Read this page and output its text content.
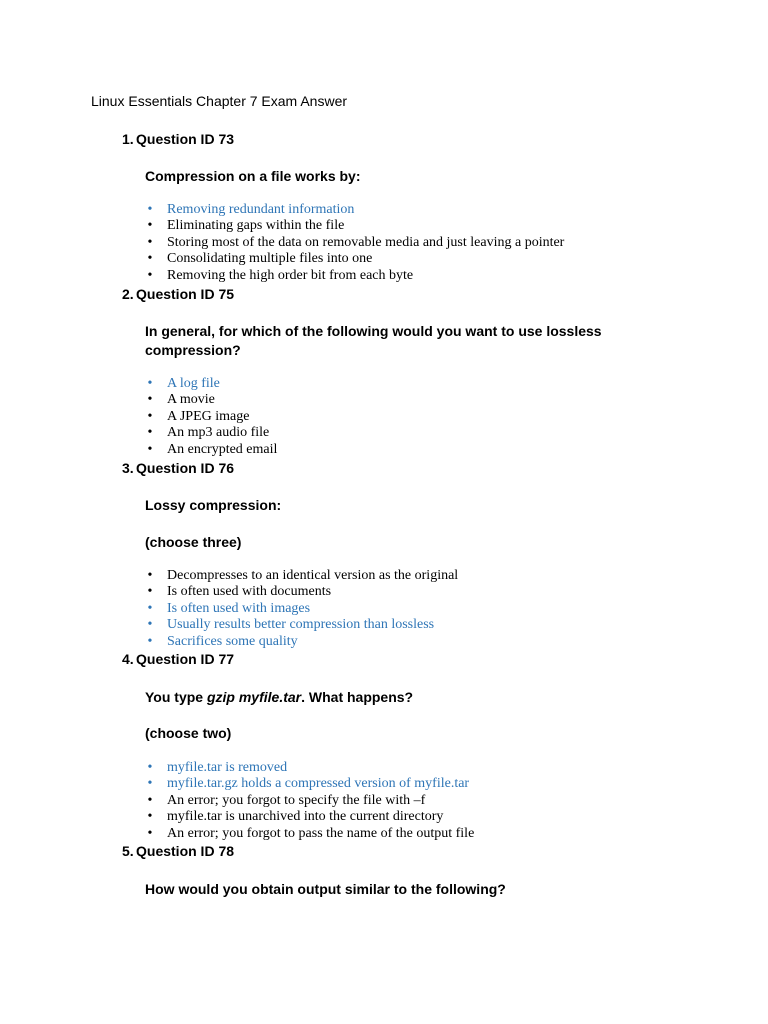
Linux Essentials Chapter 7 Exam Answer
1. Question ID 73
Compression on a file works by:
• Removing redundant information
• Eliminating gaps within the file
• Storing most of the data on removable media and just leaving a pointer
• Consolidating multiple files into one
• Removing the high order bit from each byte
2. Question ID 75
In general, for which of the following would you want to use lossless compression?
• A log file
• A movie
• A JPEG image
• An mp3 audio file
• An encrypted email
3. Question ID 76
Lossy compression:
(choose three)
• Decompresses to an identical version as the original
• Is often used with documents
• Is often used with images
• Usually results better compression than lossless
• Sacrifices some quality
4. Question ID 77
You type gzip myfile.tar. What happens?
(choose two)
• myfile.tar is removed
• myfile.tar.gz holds a compressed version of myfile.tar
• An error; you forgot to specify the file with –f
• myfile.tar is unarchived into the current directory
• An error; you forgot to pass the name of the output file
5. Question ID 78
How would you obtain output similar to the following?
